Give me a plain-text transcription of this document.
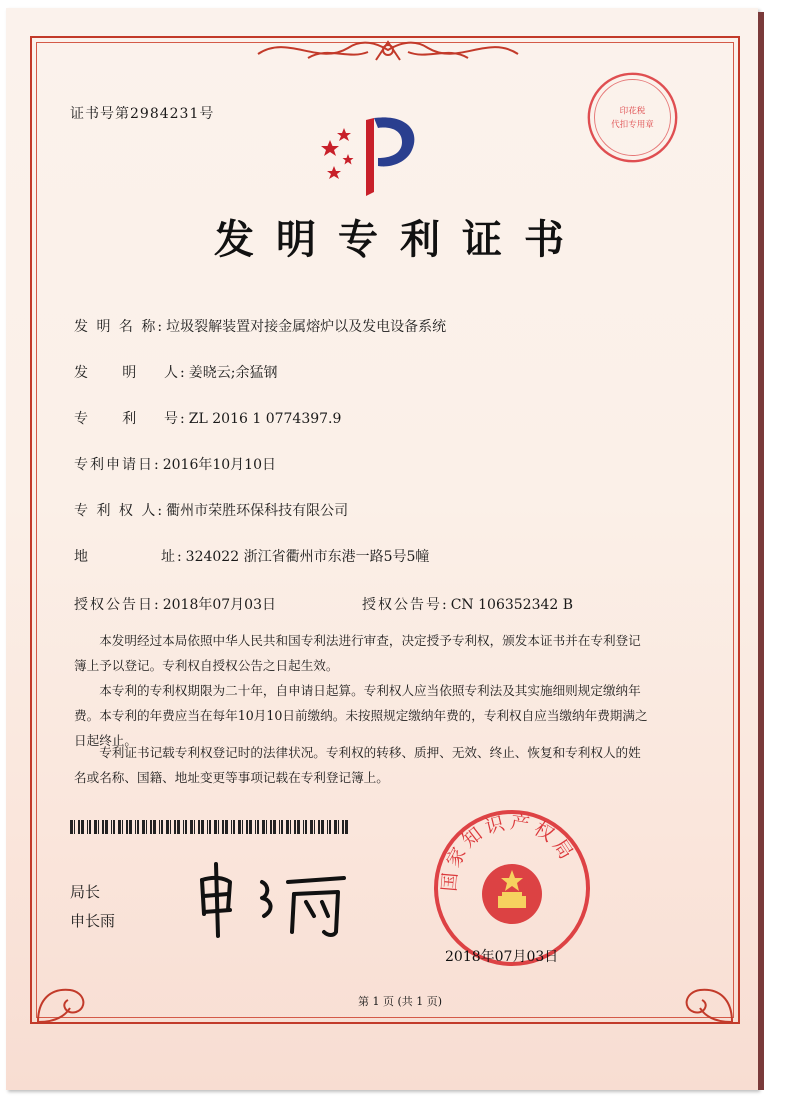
证书号第2984231号	印花税
代扣专用章
发明专利证书
发 明 名 称: 垃圾裂解装置对接金属熔炉以及发电设备系统
发     明    人: 姜晓云;余猛钢
专     利    号: ZL 2016 1 0774397.9
专利申请日: 2016年10月10日
专 利 权 人: 衢州市荣胜环保科技有限公司
地           址: 324022 浙江省衢州市东港一路5号5幢
授权公告日: 2018年07月03日	授权公告号: CN 106352342 B
本发明经过本局依照中华人民共和国专利法进行审查，决定授予专利权，颁发本证书并在专利登记簿上予以登记。专利权自授权公告之日起生效。
本专利的专利权期限为二十年，自申请日起算。专利权人应当依照专利法及其实施细则规定缴纳年费。本专利的年费应当在每年10月10日前缴纳。未按照规定缴纳年费的，专利权自应当缴纳年费期满之日起终止。
专利证书记载专利权登记时的法律状况。专利权的转移、质押、无效、终止、恢复和专利权人的姓名或名称、国籍、地址变更等事项记载在专利登记簿上。
局长
申长雨
国家知识产权局
2018年07月03日
第 1 页 (共 1 页)
